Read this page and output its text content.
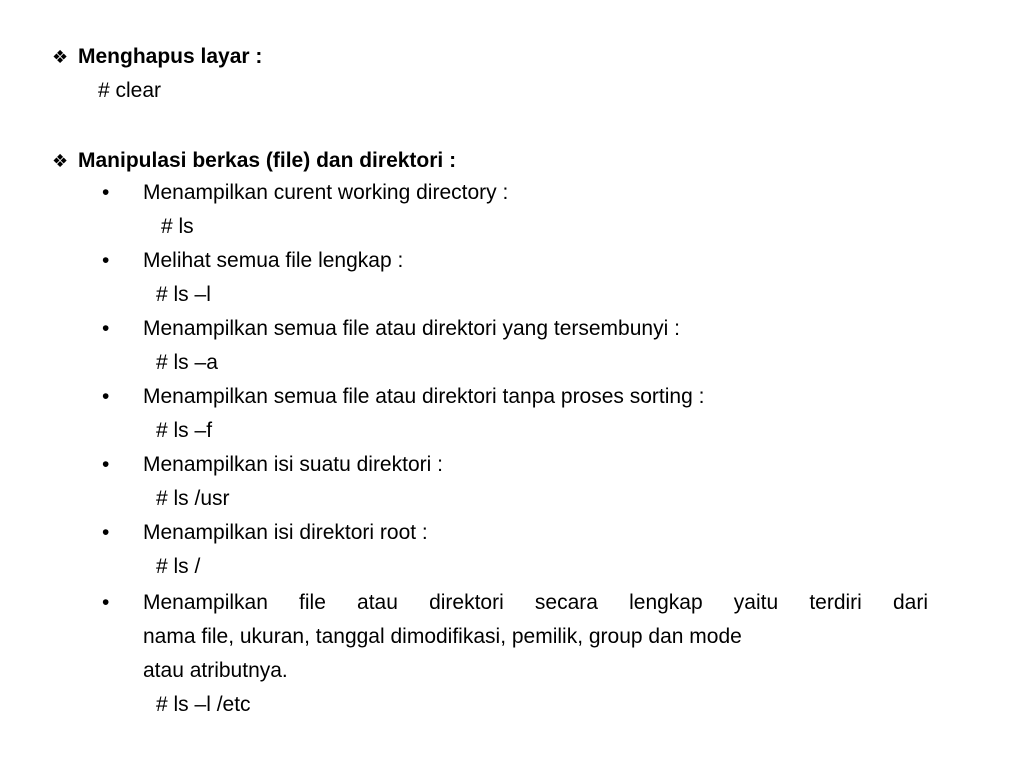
❖ Menghapus layar :
# clear
❖ Manipulasi berkas (file) dan direktori :
• Menampilkan curent working directory :
# ls
• Melihat semua file lengkap :
# ls –l
• Menampilkan semua file atau direktori yang tersembunyi :
# ls –a
• Menampilkan semua file atau direktori tanpa proses sorting :
# ls –f
• Menampilkan isi suatu direktori :
# ls /usr
• Menampilkan isi direktori root :
# ls /
• Menampilkan file atau direktori secara lengkap yaitu terdiri dari
nama file, ukuran, tanggal dimodifikasi, pemilik, group dan mode
atau atributnya.
# ls –l /etc
